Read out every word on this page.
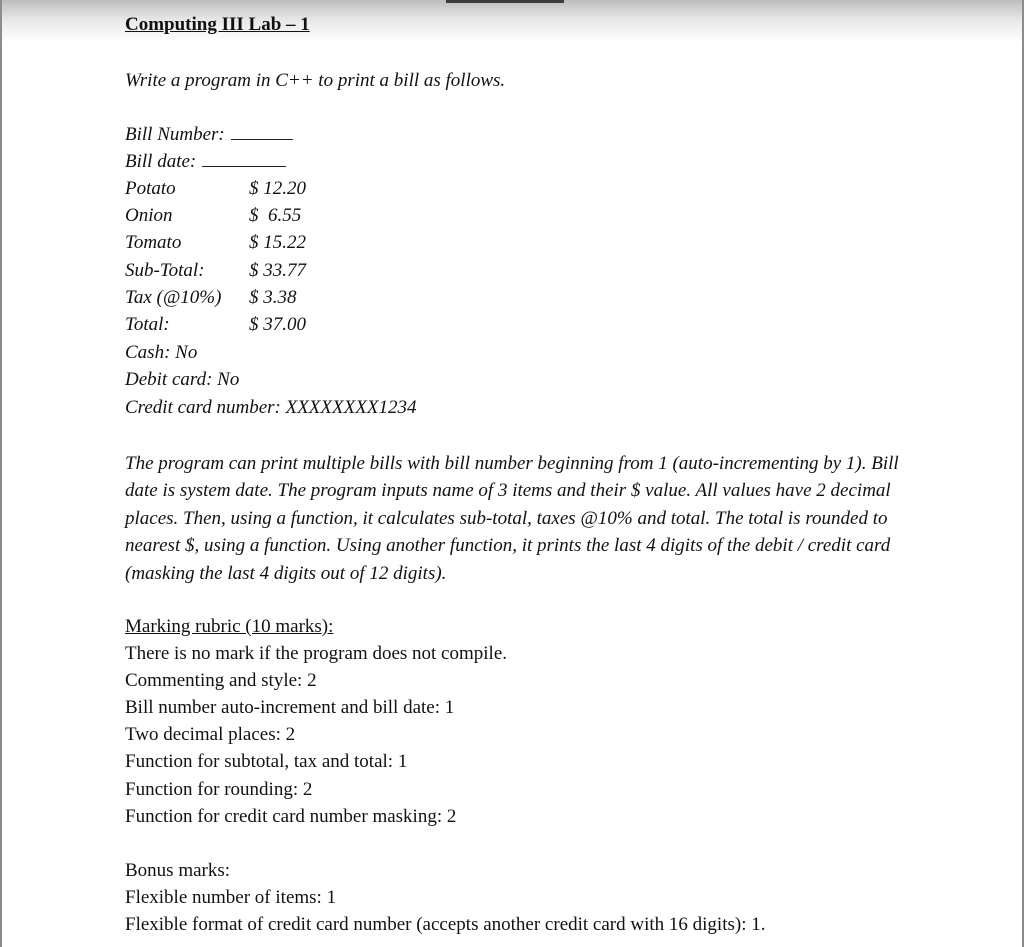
Computing III Lab – 1
Write a program in C++ to print a bill as follows.
Bill Number:
Bill date:
Potato	$ 12.20
Onion	$  6.55
Tomato	$ 15.22
Sub-Total: $ 33.77
Tax (@10%) $ 3.38
Total:	$ 37.00
Cash: No
Debit card: No
Credit card number: XXXXXXXX1234
The program can print multiple bills with bill number beginning from 1 (auto-incrementing by 1). Bill date is system date. The program inputs name of 3 items and their $ value. All values have 2 decimal places. Then, using a function, it calculates sub-total, taxes @10% and total. The total is rounded to nearest $, using a function. Using another function, it prints the last 4 digits of the debit / credit card (masking the last 4 digits out of 12 digits).
Marking rubric (10 marks):
There is no mark if the program does not compile.
Commenting and style: 2
Bill number auto-increment and bill date: 1
Two decimal places: 2
Function for subtotal, tax and total: 1
Function for rounding: 2
Function for credit card number masking: 2
Bonus marks:
Flexible number of items: 1
Flexible format of credit card number (accepts another credit card with 16 digits): 1.
